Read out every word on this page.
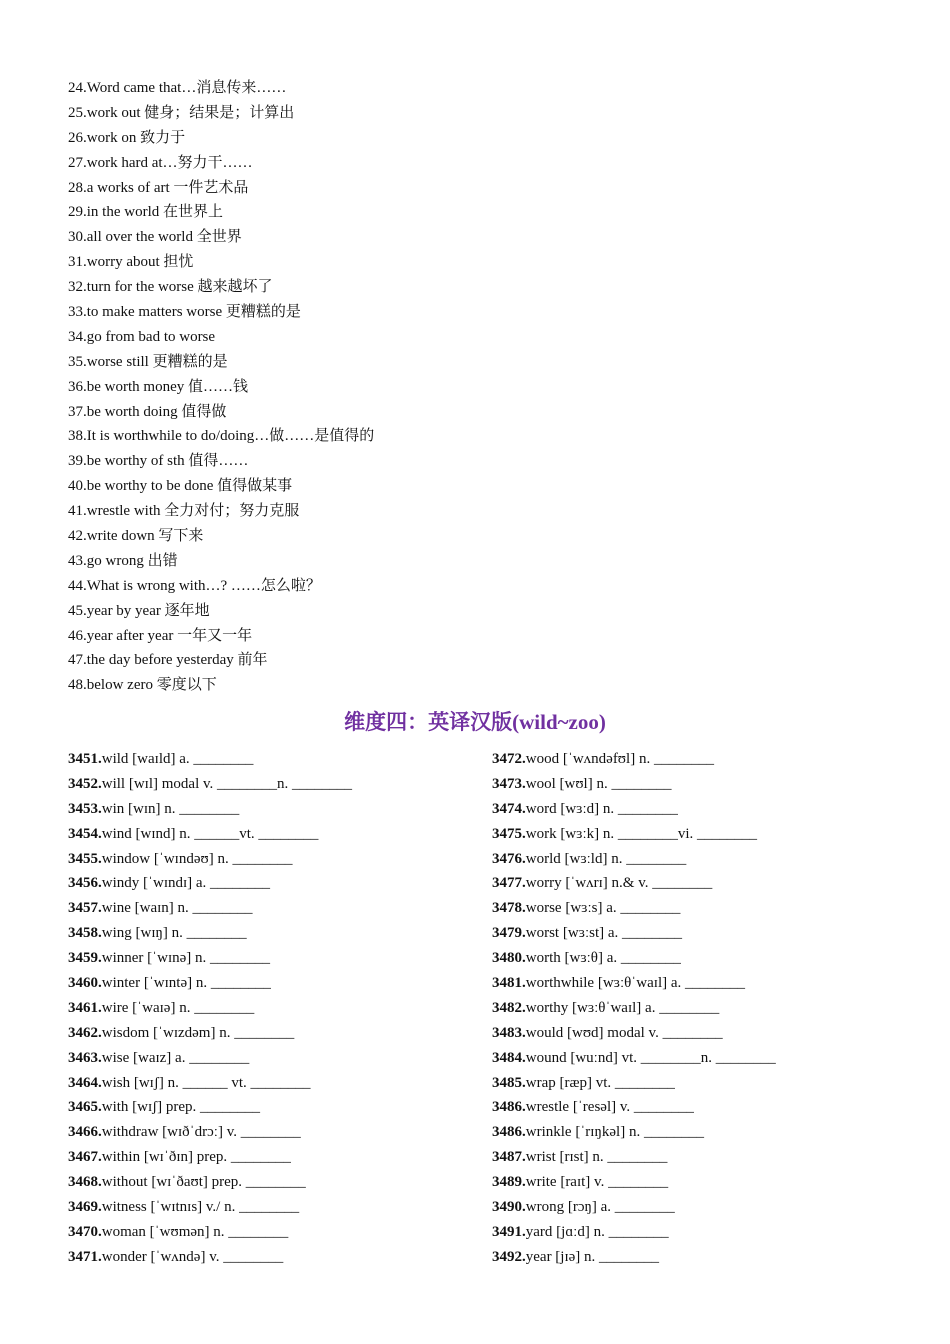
24.Word came that…消息传来……
25.work out 健身；结果是；计算出
26.work on 致力于
27.work hard at…努力干……
28.a works of art 一件艺术品
29.in the world 在世界上
30.all over the world 全世界
31.worry about 担忧
32.turn for the worse 越来越坏了
33.to make matters worse 更糟糕的是
34.go from bad to worse
35.worse still 更糟糕的是
36.be worth money 值……钱
37.be worth doing 值得做
38.It is worthwhile to do/doing…做……是值得的
39.be worthy of sth 值得……
40.be worthy to be done 值得做某事
41.wrestle with 全力对付；努力克服
42.write down 写下来
43.go wrong 出错
44.What is wrong with…? ……怎么啦？
45.year by year 逐年地
46.year after year 一年又一年
47.the day before yesterday 前年
48.below zero 零度以下
维度四：英译汉版(wild~zoo)
3451.wild [waɪld] a. ________
3452.will [wɪl] modal v. ________n. ________
3453.win [wɪn] n. ________
3454.wind [wɪnd] n. ______vt. ________
3455.window [ˈwɪndəʊ] n. ________
3456.windy [ˈwɪndɪ] a. ________
3457.wine [waɪn] n. ________
3458.wing [wɪŋ] n. ________
3459.winner [ˈwɪnə] n. ________
3460.winter [ˈwɪntə] n. ________
3461.wire [ˈwaɪə] n. ________
3462.wisdom [ˈwɪzdəm] n. ________
3463.wise [waɪz] a. ________
3464.wish [wɪʃ] n. ______ vt. ________
3465.with [wɪʃ] prep. ________
3466.withdraw [wɪðˈdrɔː] v. ________
3467.within [wɪˈðɪn] prep. ________
3468.without [wɪˈðaʊt] prep. ________
3469.witness [ˈwɪtnɪs] v./ n. ________
3470.woman [ˈwʊmən] n. ________
3471.wonder [ˈwʌndə] v. ________
3472.wood [ˈwʌndəfʊl] n. ________
3473.wool [wʊl] n. ________
3474.word [wɜːd] n. ________
3475.work [wɜːk] n. ________vi. ________
3476.world [wɜːld] n. ________
3477.worry [ˈwʌrɪ] n.& v. ________
3478.worse [wɜːs] a. ________
3479.worst [wɜːst] a. ________
3480.worth [wɜːθ] a. ________
3481.worthwhile [wɜːθˈwaɪl] a. ________
3482.worthy [wɜːθˈwaɪl] a. ________
3483.would [wʊd] modal v. ________
3484.wound [wuːnd] vt. ________n. ________
3485.wrap [ræp] vt. ________
3486.wrestle [ˈresəl] v. ________
3486.wrinkle [ˈrɪŋkəl] n. ________
3487.wrist [rɪst] n. ________
3489.write [raɪt] v. ________
3490.wrong [rɔŋ] a. ________
3491.yard [jɑːd] n. ________
3492.year [jɪə] n. ________
